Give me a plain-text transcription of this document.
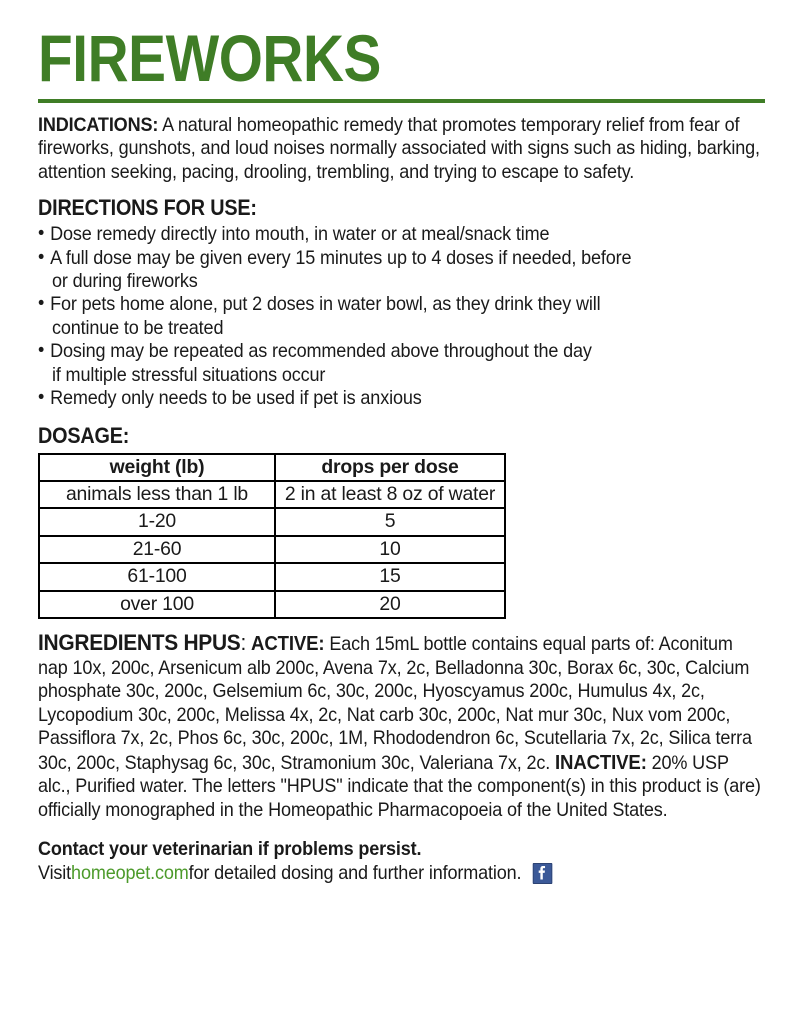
FIREWORKS

INDICATIONS: A natural homeopathic remedy that promotes temporary relief from fear of fireworks, gunshots, and loud noises normally associated with signs such as hiding, barking, attention seeking, pacing, drooling, trembling, and trying to escape to safety.

DIRECTIONS FOR USE:
• Dose remedy directly into mouth, in water or at meal/snack time
• A full dose may be given every 15 minutes up to 4 doses if needed, before
or during fireworks
• For pets home alone, put 2 doses in water bowl, as they drink they will
continue to be treated
• Dosing may be repeated as recommended above throughout the day
if multiple stressful situations occur
• Remedy only needs to be used if pet is anxious
DOSAGE:
weight (lb)	drops per dose
animals less than 1 lb	2 in at least 8 oz of water
1-20	5
21-60	10
61-100	15
over 100	20
INGREDIENTS HPUS: ACTIVE: Each 15mL bottle contains equal parts of: Aconitum nap 10x, 200c, Arsenicum alb 200c, Avena 7x, 2c, Belladonna 30c, Borax 6c, 30c, Calcium phosphate 30c, 200c, Gelsemium 6c, 30c, 200c, Hyoscyamus 200c, Humulus 4x, 2c, Lycopodium 30c, 200c, Melissa 4x, 2c, Nat carb 30c, 200c, Nat mur 30c, Nux vom 200c, Passiflora 7x, 2c, Phos 6c, 30c, 200c, 1M, Rhododendron 6c, Scutellaria 7x, 2c, Silica terra 30c, 200c, Staphysag 6c, 30c, Stramonium 30c, Valeriana 7x, 2c. INACTIVE: 20% USP alc., Purified water. The letters "HPUS" indicate that the component(s) in this product is (are) officially monographed in the Homeopathic Pharmacopoeia of the United States.

Contact your veterinarian if problems persist.

Visit homeopet.com for detailed dosing and further information.
